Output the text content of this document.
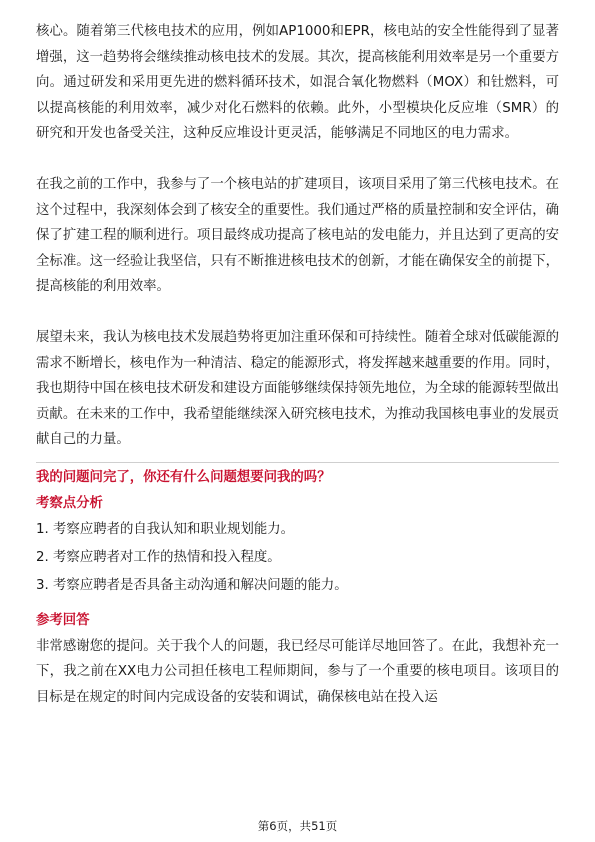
核心。随着第三代核电技术的应用，例如AP1000和EPR，核电站的安全性能得到了显著增强，这一趋势将会继续推动核电技术的发展。其次，提高核能利用效率是另一个重要方向。通过研发和采用更先进的燃料循环技术，如混合氧化物燃料（MOX）和钍燃料，可以提高核能的利用效率，减少对化石燃料的依赖。此外，小型模块化反应堆（SMR）的研究和开发也备受关注，这种反应堆设计更灵活，能够满足不同地区的电力需求。

在我之前的工作中，我参与了一个核电站的扩建项目，该项目采用了第三代核电技术。在这个过程中，我深刻体会到了核安全的重要性。我们通过严格的质量控制和安全评估，确保了扩建工程的顺利进行。项目最终成功提高了核电站的发电能力，并且达到了更高的安全标准。这一经验让我坚信，只有不断推进核电技术的创新，才能在确保安全的前提下，提高核能的利用效率。

展望未来，我认为核电技术发展趋势将更加注重环保和可持续性。随着全球对低碳能源的需求不断增长，核电作为一种清洁、稳定的能源形式，将发挥越来越重要的作用。同时，我也期待中国在核电技术研发和建设方面能够继续保持领先地位，为全球的能源转型做出贡献。在未来的工作中，我希望能继续深入研究核电技术，为推动我国核电事业的发展贡献自己的力量。

我的问题问完了，你还有什么问题想要问我的吗？

考察点分析

1. 考察应聘者的自我认知和职业规划能力。
2. 考察应聘者对工作的热情和投入程度。
3. 考察应聘者是否具备主动沟通和解决问题的能力。

参考回答

非常感谢您的提问。关于我个人的问题，我已经尽可能详尽地回答了。在此，我想补充一下，我之前在XX电力公司担任核电工程师期间，参与了一个重要的核电项目。该项目的目标是在规定的时间内完成设备的安装和调试，确保核电站在投入运

第6页，共51页
